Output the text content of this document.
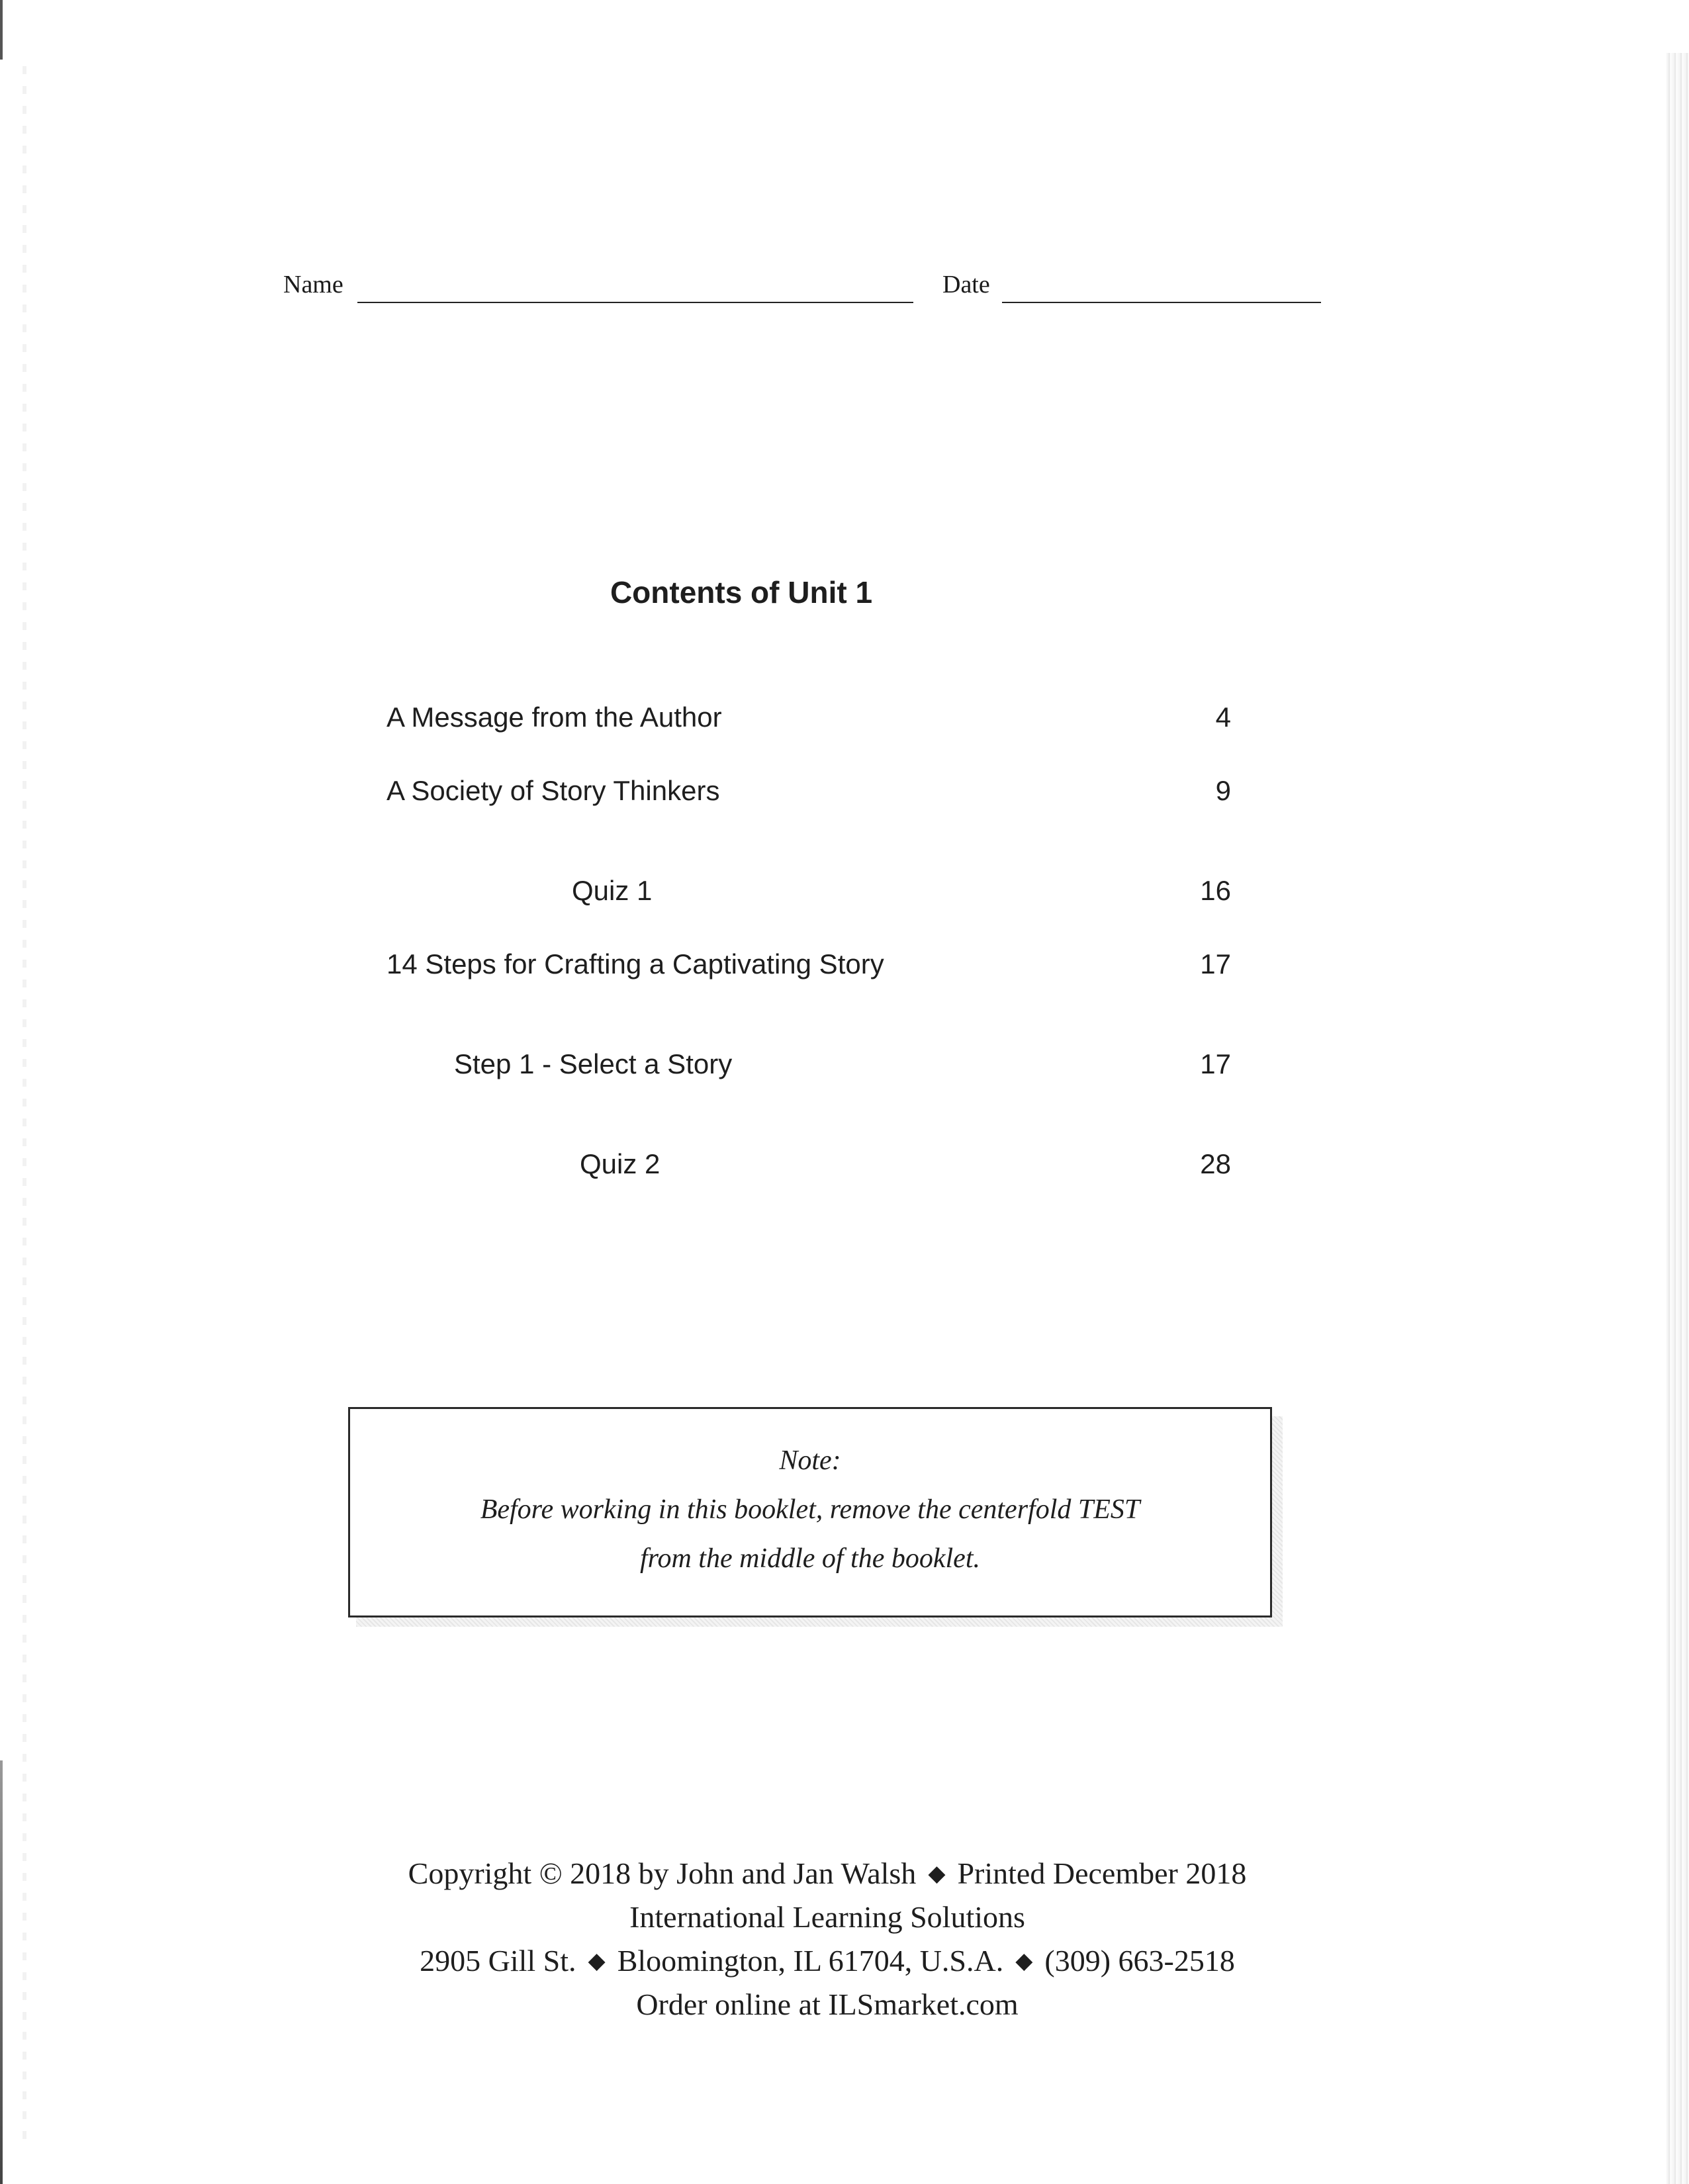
Name	Date
Contents of Unit 1
A Message from the Author	4
A Society of Story Thinkers	9
Quiz 1	16
14 Steps for Crafting a Captivating Story	17
Step 1 - Select a Story	17
Quiz 2	28
Note:
Before working in this booklet, remove the centerfold TEST
from the middle of the booklet.
Copyright © 2018 by John and Jan Walsh ◆ Printed December 2018
International Learning Solutions
2905 Gill St. ◆ Bloomington, IL 61704, U.S.A. ◆ (309) 663-2518
Order online at ILSmarket.com
